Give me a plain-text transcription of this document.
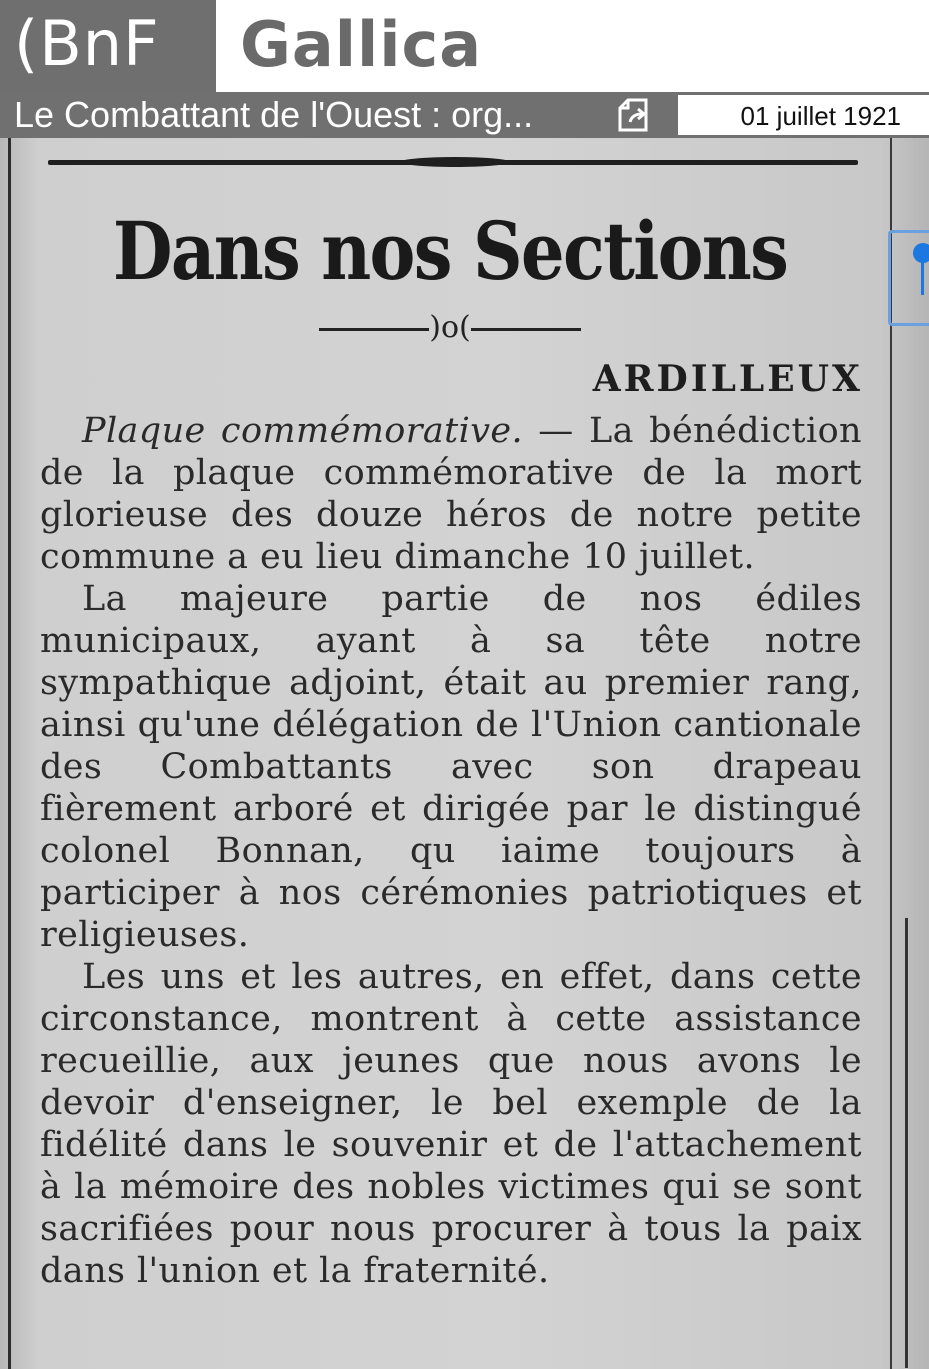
(BnF	Gallica
Le Combattant de l'Ouest : org...	01 juillet 1921
Dans nos Sections
)o(
ARDILLEUX

Plaque commémorative. — La bénédiction de la plaque commémorative de la mort glorieuse des douze héros de notre petite commune a eu lieu dimanche 10 juillet.

La majeure partie de nos édiles municipaux, ayant à sa tête notre sympathique adjoint, était au premier rang, ainsi qu'une délégation de l'Union cantionale des Combattants avec son drapeau fièrement arboré et dirigée par le distingué colonel Bonnan, qu iaime toujours à participer à nos cérémonies patriotiques et religieuses.

Les uns et les autres, en effet, dans cette circonstance, montrent à cette assistance recueillie, aux jeunes que nous avons le devoir d'enseigner, le bel exemple de la fidélité dans le souvenir et de l'attachement à la mémoire des nobles victimes qui se sont sacrifiées pour nous procurer à tous la paix dans l'union et la fraternité.
